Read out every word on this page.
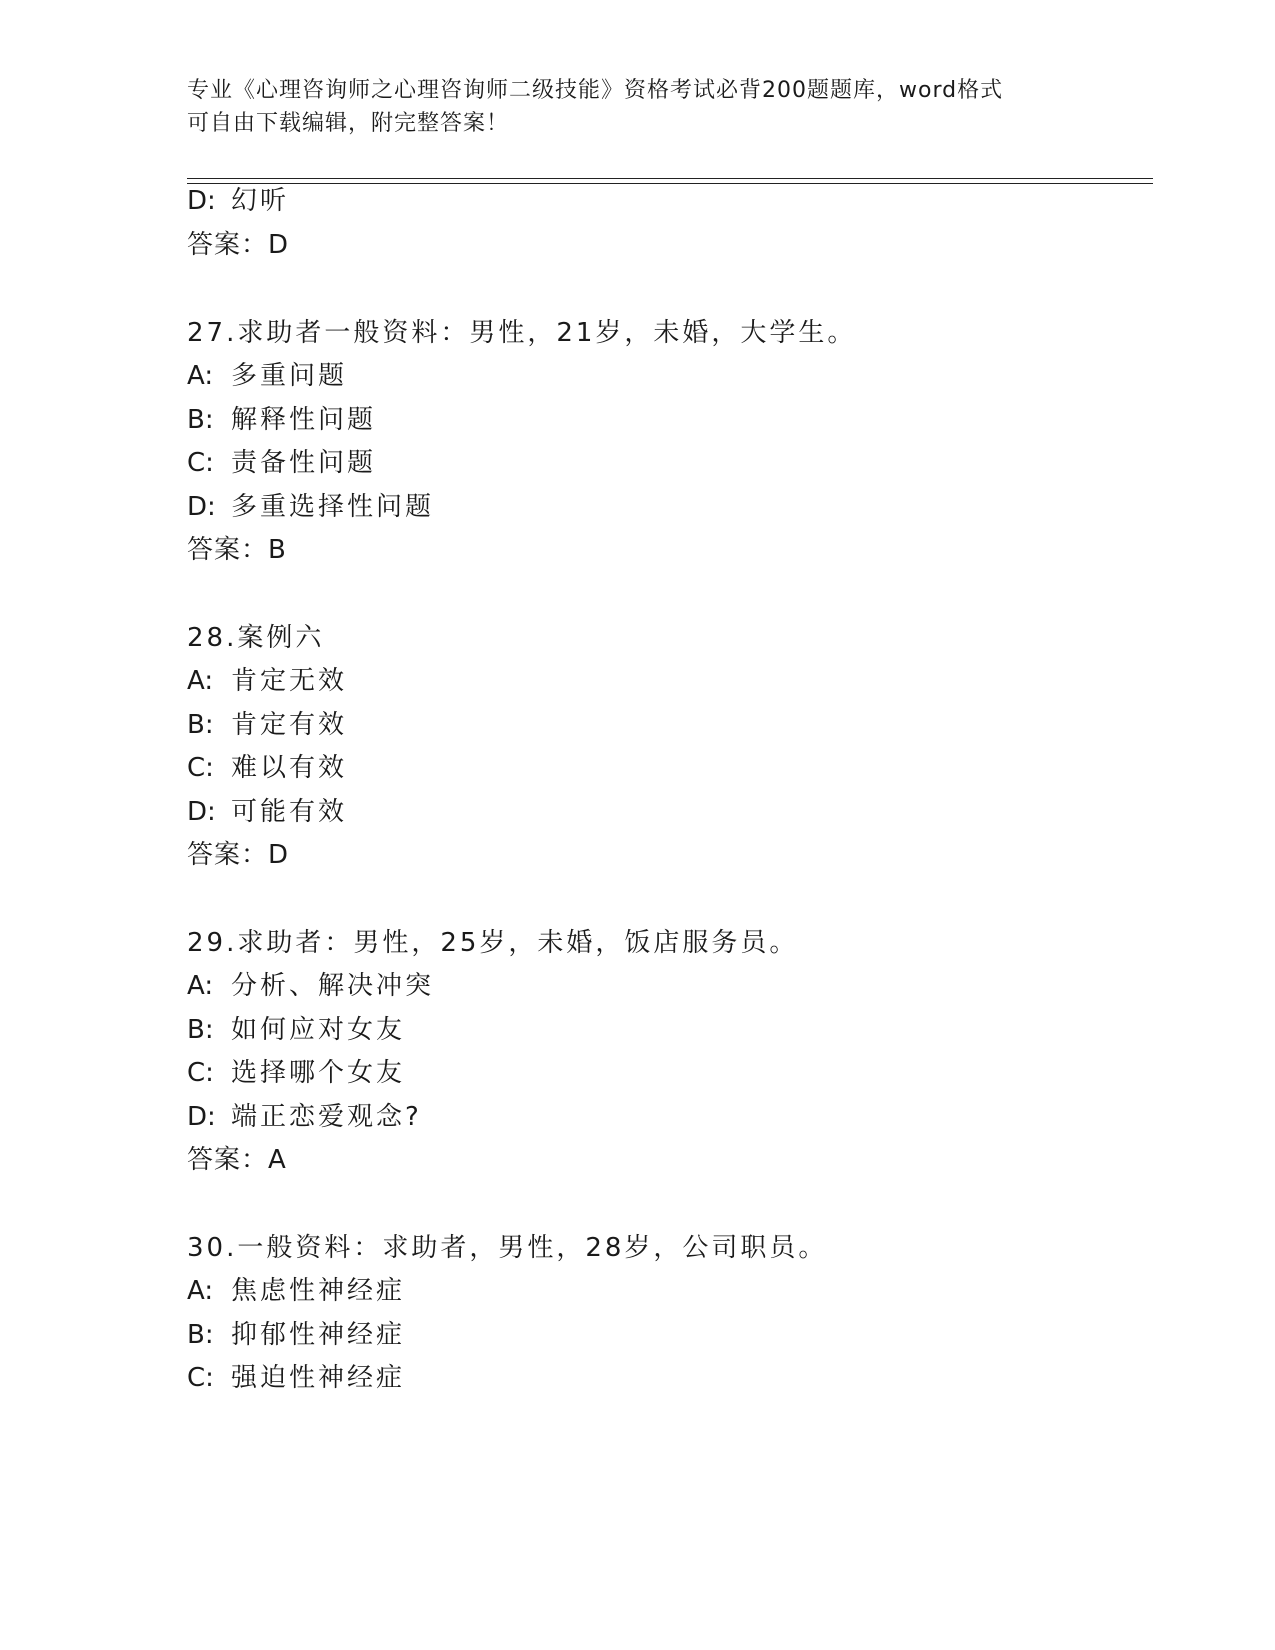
专业《心理咨询师之心理咨询师二级技能》资格考试必背200题题库，word格式
可自由下载编辑，附完整答案！
D: 幻听
答案：D
27.求助者一般资料：男性，21岁，未婚，大学生。
A: 多重问题
B: 解释性问题
C: 责备性问题
D: 多重选择性问题
答案：B
28.案例六
A: 肯定无效
B: 肯定有效
C: 难以有效
D: 可能有效
答案：D
29.求助者：男性，25岁，未婚，饭店服务员。
A: 分析、解决冲突
B: 如何应对女友
C: 选择哪个女友
D: 端正恋爱观念?
答案：A
30.一般资料：求助者，男性，28岁，公司职员。
A: 焦虑性神经症
B: 抑郁性神经症
C: 强迫性神经症
